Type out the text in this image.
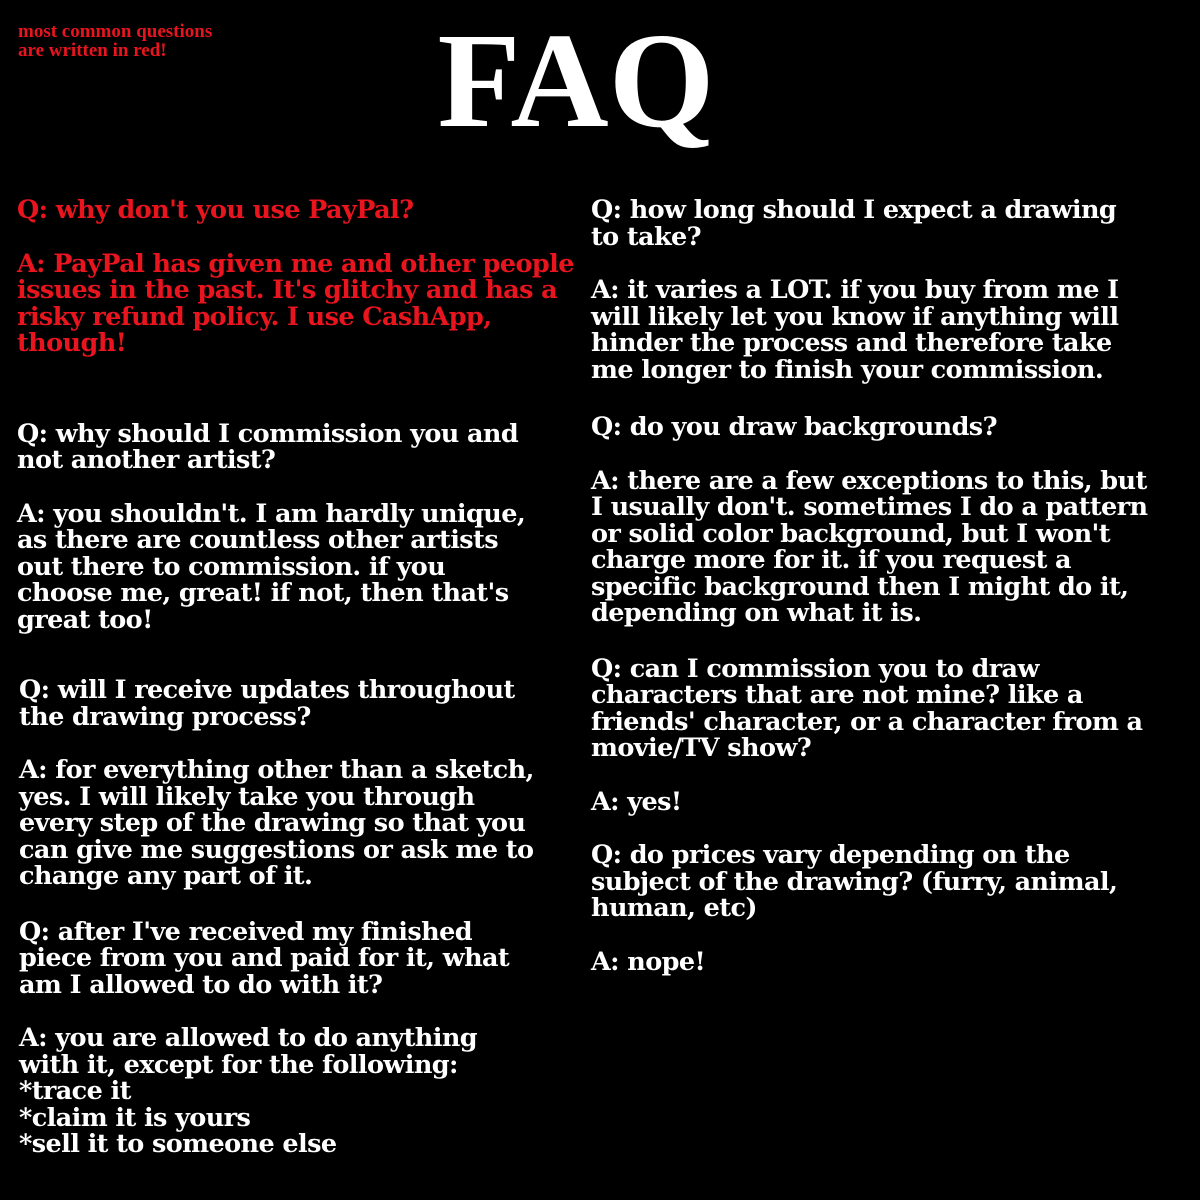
most common questions
are written in red!	FAQ

Q: why don't you use PayPal?

A: PayPal has given me and other people
issues in the past. It's glitchy and has a
risky refund policy. I use CashApp,
though!

Q: why should I commission you and
not another artist?

A: you shouldn't. I am hardly unique,
as there are countless other artists
out there to commission. if you
choose me, great! if not, then that's
great too!

Q: will I receive updates throughout
the drawing process?

A: for everything other than a sketch,
yes. I will likely take you through
every step of the drawing so that you
can give me suggestions or ask me to
change any part of it.

Q: after I've received my finished
piece from you and paid for it, what
am I allowed to do with it?

A: you are allowed to do anything
with it, except for the following:
*trace it
*claim it is yours
*sell it to someone else

Q: how long should I expect a drawing
to take?

A: it varies a LOT. if you buy from me I
will likely let you know if anything will
hinder the process and therefore take
me longer to finish your commission.

Q: do you draw backgrounds?

A: there are a few exceptions to this, but
I usually don't. sometimes I do a pattern
or solid color background, but I won't
charge more for it. if you request a
specific background then I might do it,
depending on what it is.

Q: can I commission you to draw
characters that are not mine? like a
friends' character, or a character from a
movie/TV show?

A: yes!

Q: do prices vary depending on the
subject of the drawing? (furry, animal,
human, etc)

A: nope!
